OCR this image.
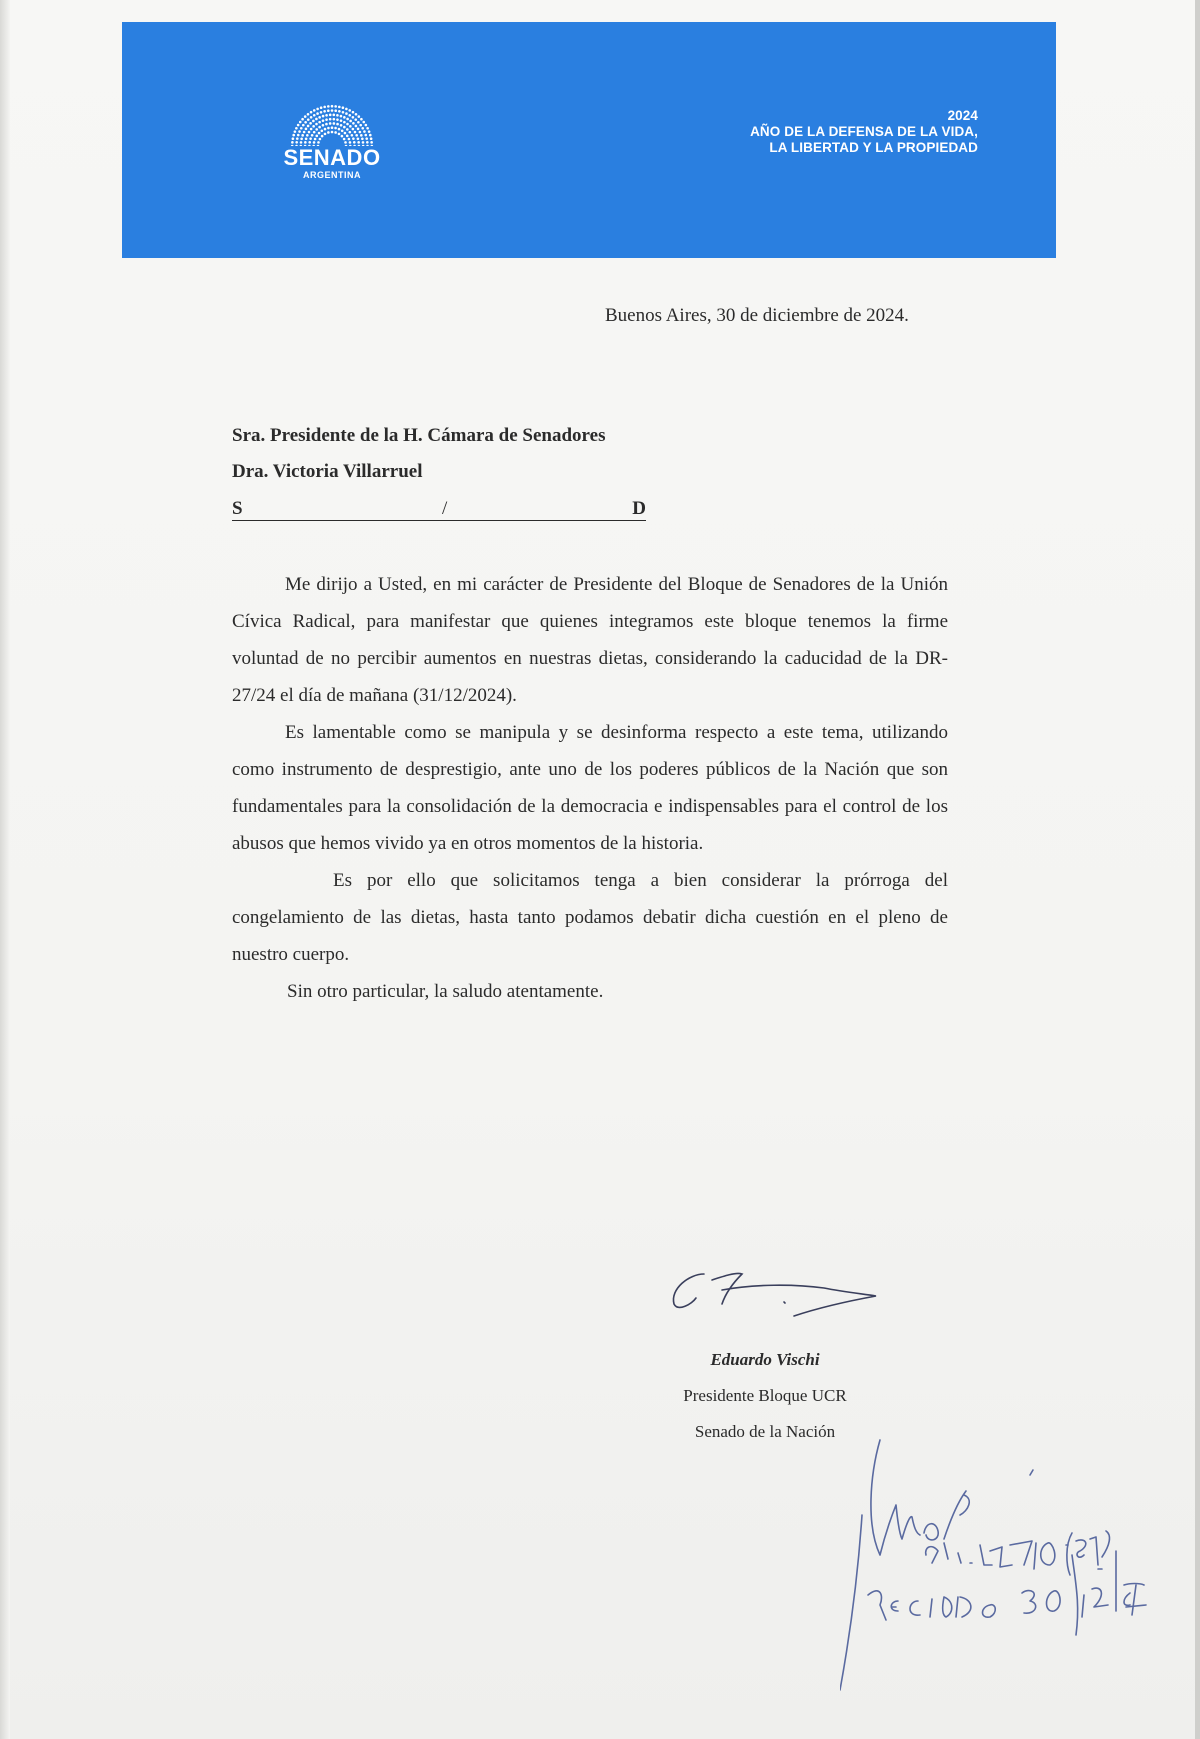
SENADO
ARGENTINA
2024
AÑO DE LA DEFENSA DE LA VIDA,
LA LIBERTAD Y LA PROPIEDAD
Buenos Aires, 30 de diciembre de 2024.
Sra. Presidente de la H. Cámara de Senadores
Dra. Victoria Villarruel
S	/	D

Me dirijo a Usted, en mi carácter de Presidente del Bloque de Senadores de la Unión Cívica Radical, para manifestar que quienes integramos este bloque tenemos la firme voluntad de no percibir aumentos en nuestras dietas, considerando la caducidad de la DR-27/24 el día de mañana (31/12/2024).

Es lamentable como se manipula y se desinforma respecto a este tema, utilizando como instrumento de desprestigio, ante uno de los poderes públicos de la Nación que son fundamentales para la consolidación de la democracia e indispensables para el control de los abusos que hemos vivido ya en otros momentos de la historia.

Es por ello que solicitamos tenga a bien considerar la prórroga del congelamiento de las dietas, hasta tanto podamos debatir dicha cuestión en el pleno de nuestro cuerpo.

Sin otro particular, la saludo atentamente.

Eduardo Vischi
Presidente Bloque UCR
Senado de la Nación
